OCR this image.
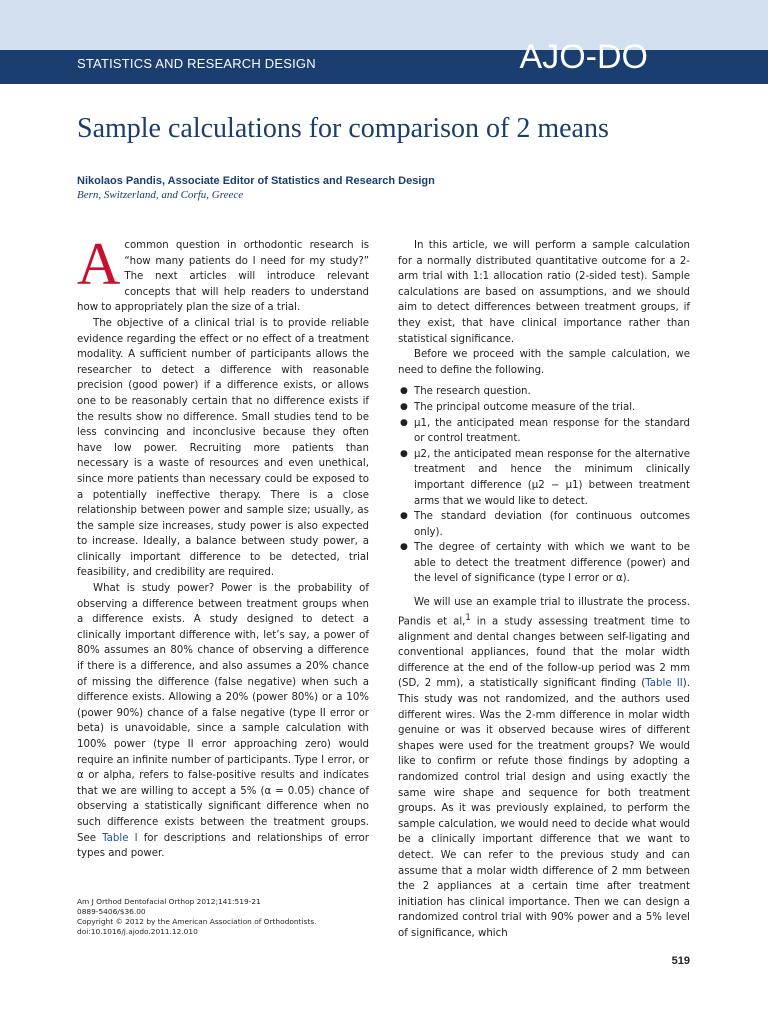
STATISTICS AND RESEARCH DESIGN	AJO-DO
Sample calculations for comparison of 2 means
Nikolaos Pandis, Associate Editor of Statistics and Research Design
Bern, Switzerland, and Corfu, Greece

Acommon question in orthodontic research is “how many patients do I need for my study?” The next articles will introduce relevant concepts that will help readers to understand how to appropriately plan the size of a trial.

The objective of a clinical trial is to provide reliable evidence regarding the effect or no effect of a treatment modality. A sufficient number of participants allows the researcher to detect a difference with reasonable precision (good power) if a difference exists, or allows one to be reasonably certain that no difference exists if the results show no difference. Small studies tend to be less convincing and inconclusive because they often have low power. Recruiting more patients than necessary is a waste of resources and even unethical, since more patients than necessary could be exposed to a potentially ineffective therapy. There is a close relationship between power and sample size; usually, as the sample size increases, study power is also expected to increase. Ideally, a balance between study power, a clinically important difference to be detected, trial feasibility, and credibility are required.

What is study power? Power is the probability of observing a difference between treatment groups when a difference exists. A study designed to detect a clinically important difference with, let’s say, a power of 80% assumes an 80% chance of observing a difference if there is a difference, and also assumes a 20% chance of missing the difference (false negative) when such a difference exists. Allowing a 20% (power 80%) or a 10% (power 90%) chance of a false negative (type II error or beta) is unavoidable, since a sample calculation with 100% power (type II error approaching zero) would require an infinite number of participants. Type I error, or α or alpha, refers to false-positive results and indicates that we are willing to accept a 5% (α = 0.05) chance of observing a statistically significant difference when no such difference exists between the treatment groups. See Table I for descriptions and relationships of error types and power.

In this article, we will perform a sample calculation for a normally distributed quantitative outcome for a 2-arm trial with 1:1 allocation ratio (2-sided test). Sample calculations are based on assumptions, and we should aim to detect differences between treatment groups, if they exist, that have clinical importance rather than statistical significance.

Before we proceed with the sample calculation, we need to define the following.

● The research question.
● The principal outcome measure of the trial.
● μ1, the anticipated mean response for the standard or control treatment.
● μ2, the anticipated mean response for the alternative treatment and hence the minimum clinically important difference (μ2 − μ1) between treatment arms that we would like to detect.
● The standard deviation (for continuous outcomes only).
● The degree of certainty with which we want to be able to detect the treatment difference (power) and the level of significance (type I error or α).

We will use an example trial to illustrate the process. Pandis et al,$^1$ in a study assessing treatment time to alignment and dental changes between self-ligating and conventional appliances, found that the molar width difference at the end of the follow-up period was 2 mm (SD, 2 mm), a statistically significant finding (Table II). This study was not randomized, and the authors used different wires. Was the 2-mm difference in molar width genuine or was it observed because wires of different shapes were used for the treatment groups? We would like to confirm or refute those findings by adopting a randomized control trial design and using exactly the same wire shape and sequence for both treatment groups. As it was previously explained, to perform the sample calculation, we would need to decide what would be a clinically important difference that we want to detect. We can refer to the previous study and can assume that a molar width difference of 2 mm between the 2 appliances at a certain time after treatment initiation has clinical importance. Then we can design a randomized control trial with 90% power and a 5% level of significance, which

Am J Orthod Dentofacial Orthop 2012;141:519-21
0889-5406/$36.00
Copyright © 2012 by the American Association of Orthodontists.
doi:10.1016/j.ajodo.2011.12.010
519
